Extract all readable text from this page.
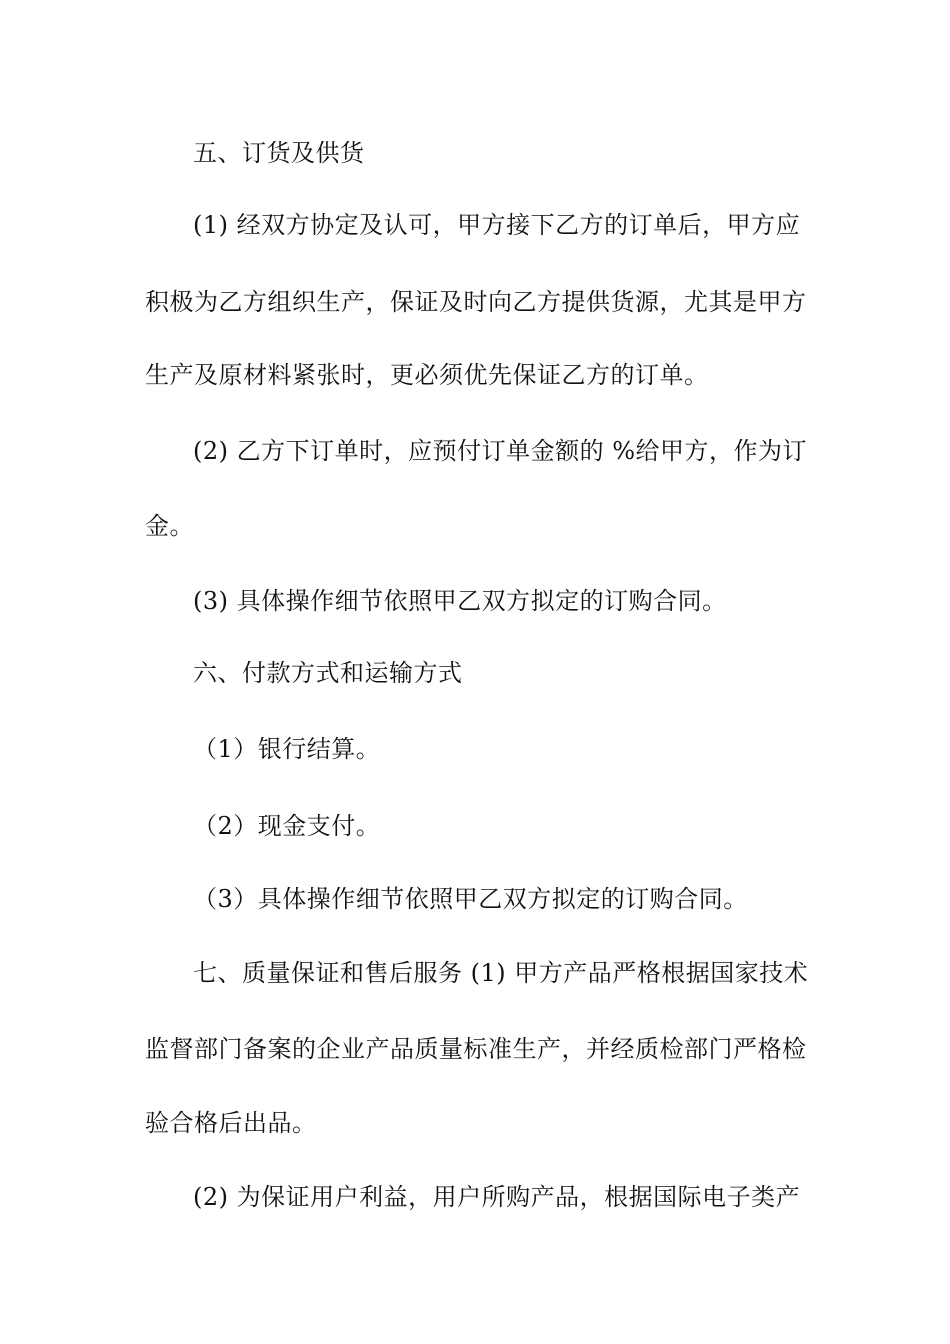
五、订货及供货
(1) 经双方协定及认可，甲方接下乙方的订单后，甲方应
积极为乙方组织生产，保证及时向乙方提供货源，尤其是甲方
生产及原材料紧张时，更必须优先保证乙方的订单。
(2) 乙方下订单时，应预付订单金额的 %给甲方，作为订
金。
(3) 具体操作细节依照甲乙双方拟定的订购合同。
六、付款方式和运输方式
（1）银行结算。
（2）现金支付。
（3）具体操作细节依照甲乙双方拟定的订购合同。
七、质量保证和售后服务 (1) 甲方产品严格根据国家技术
监督部门备案的企业产品质量标准生产，并经质检部门严格检
验合格后出品。
(2) 为保证用户利益，用户所购产品，根据国际电子类产
